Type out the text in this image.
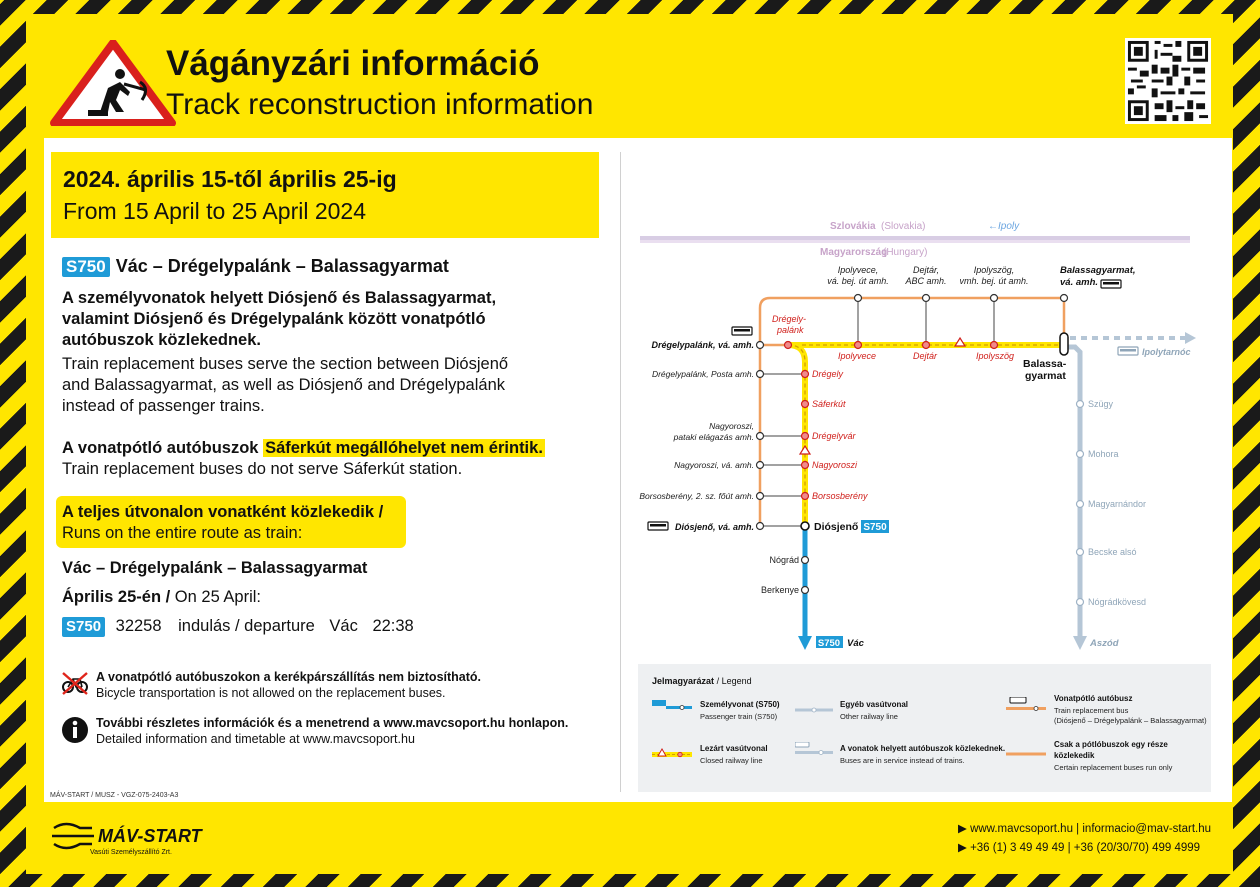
Vágányzári információ
Track reconstruction information
2024. április 15-től április 25-ig
From 15 April to 25 April 2024
S750 Vác – Drégelypalánk – Balassagyarmat
A személyvonatok helyett Diósjenő és Balassagyarmat,
valamint Diósjenő és Drégelypalánk között vonatpótló
autóbuszok közlekednek.
Train replacement buses serve the section between Diósjenő
and Balassagyarmat, as well as Diósjenő and Drégelypalánk
instead of passenger trains.
A vonatpótló autóbuszok Sáferkút megállóhelyet nem érintik.
Train replacement buses do not serve Sáferkút station.
A teljes útvonalon vonatként közlekedik /
Runs on the entire route as train:
Vác – Drégelypalánk – Balassagyarmat
Április 25-én / On 25 April:
S750 32258 indulás / departure Vác 22:38
A vonatpótló autóbuszokon a kerékpárszállítás nem biztosítható.
Bicycle transportation is not allowed on the replacement buses.
További részletes információk és a menetrend a www.mavcsoport.hu honlapon.
Detailed information and timetable at www.mavcsoport.hu
MÁV-START / MUSZ - VGZ-075-2403-A3
Szlovákia (Slovakia)	←Ipoly
Magyarország
(Hungary)
Ipolyvece,
vá. bej. út amh.
Dejtár,
ABC amh.
Ipolyszög,
vmh. bej. út amh.
Balassagyarmat,
vá. amh.
Drégely-
palánk
Ipolyvece	Dejtár	Ipolyszög
Drégely
Sáferkút
Drégelyvár
Nagyoroszi
Borsosberény
Drégelypalánk, vá. amh.
Drégelypalánk, Posta amh.
Nagyoroszi,
pataki elágazás amh.
Nagyoroszi, vá. amh.
Borsosberény, 2. sz. főút amh.
Diósjenő, vá. amh.	Diósjenő S750
Balassa-
gyarmat
Ipolytarnóc
Nógrád
Berkenye
S750 Vác
Szügy
Mohora
Magyarnándor
Becske alsó
Nógrádkövesd
Aszód
Jelmagyarázat / Legend
Személyvonat (S750)
Passenger train (S750)
Egyéb vasútvonal
Other railway line
Vonatpótló autóbusz
Train replacement bus
(Diósjenő – Drégelypalánk – Balassagyarmat)
Lezárt vasútvonal
Closed railway line
A vonatok helyett autóbuszok közlekednek.
Buses are in service instead of trains.
Csak a pótlóbuszok egy része
közlekedik
Certain replacement buses run only
MÁV-START
Vasúti Személyszállító Zrt.
▶ www.mavcsoport.hu | informacio@mav-start.hu
▶ +36 (1) 3 49 49 49 | +36 (20/30/70) 499 4999
